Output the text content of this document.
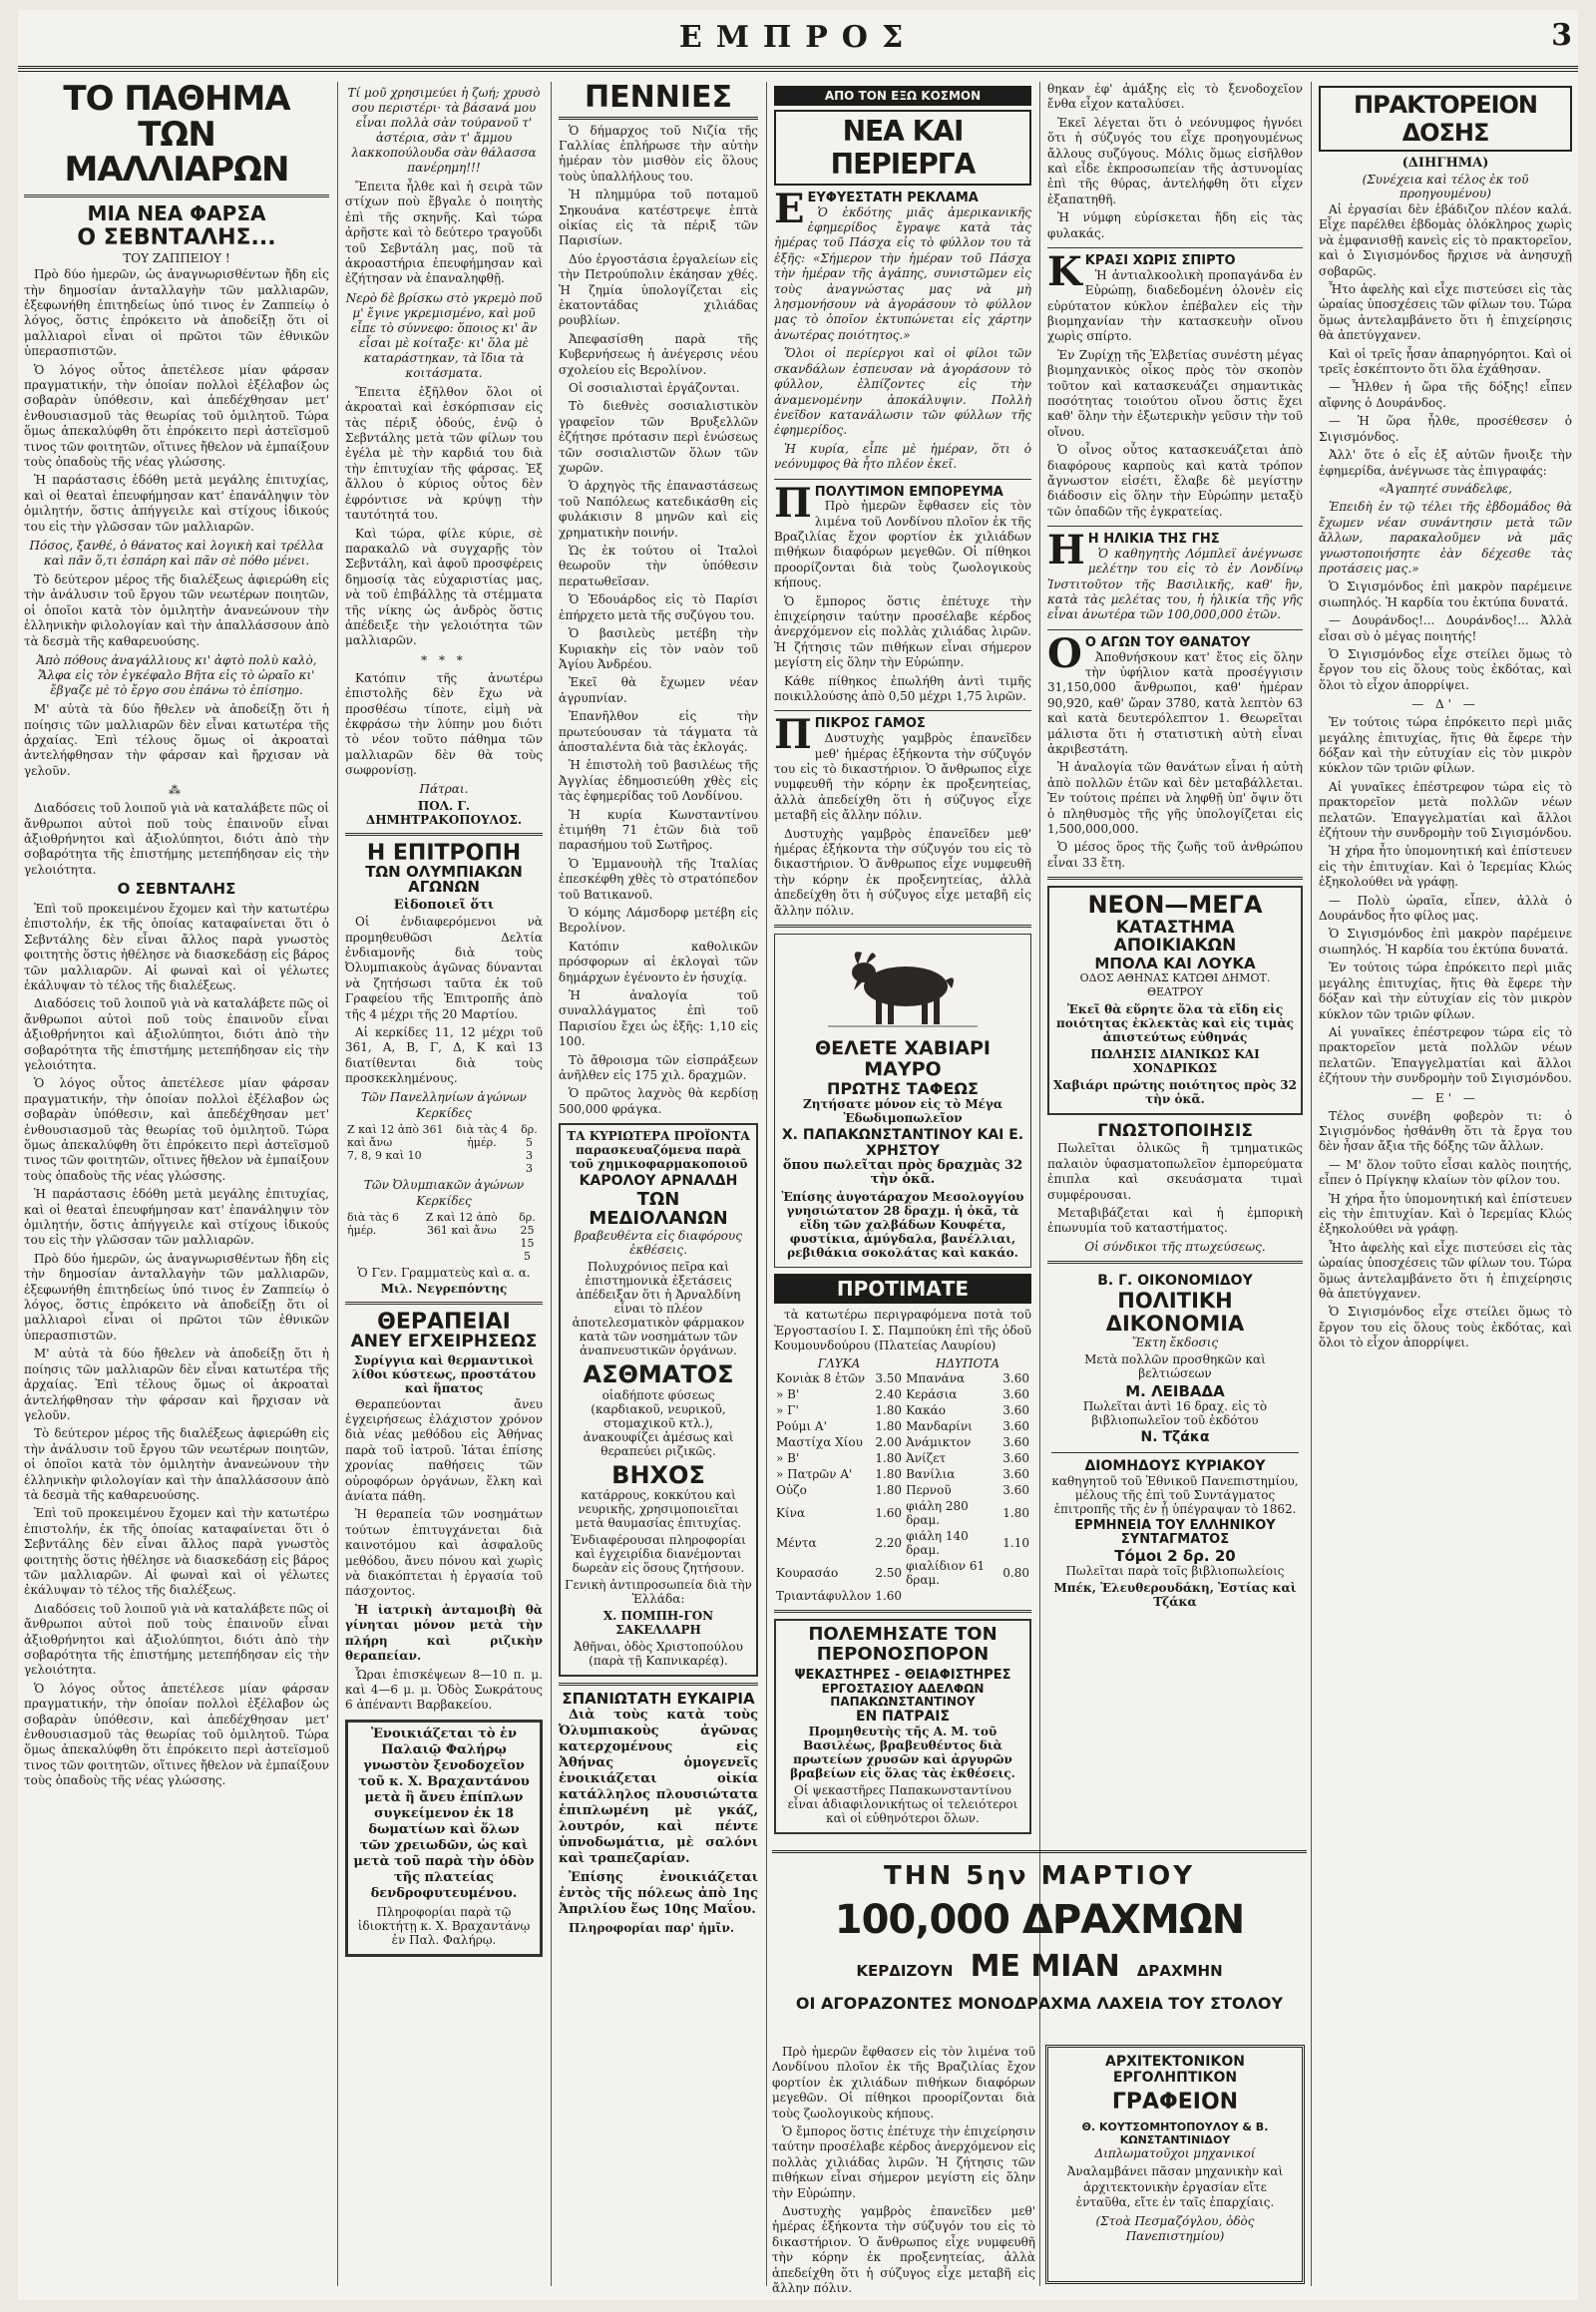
ΕΜΠΡΟΣ	3
ΤΟ ΠΑΘΗΜΑ ΤΩΝ ΜΑΛΛΙΑΡΩΝ
ΜΙΑ ΝΕΑ ΦΑΡΣΑ
Ο ΣΕΒΝΤΑΛΗΣ...
ΤΟΥ ΖΑΠΠΕΙΟΥ !

Πρὸ δύο ἡμερῶν, ὡς ἀναγνωρισθέντων ἤδη εἰς τὴν δημοσίαν ἀνταλλαγὴν τῶν μαλλιαρῶν, ἐξεφωνήθη ἐπιτηδείως ὑπό τινος ἐν Ζαππείῳ ὁ λόγος, ὅστις ἐπρόκειτο νὰ ἀποδείξῃ ὅτι οἱ μαλλιαροὶ εἶναι οἱ πρῶτοι τῶν ἐθνικῶν ὑπερασπιστῶν.

Ὁ λόγος οὗτος ἀπετέλεσε μίαν φάρσαν πραγματικήν, τὴν ὁποίαν πολλοὶ ἐξέλαβον ὡς σοβαρὰν ὑπόθεσιν, καὶ ἀπεδέχθησαν μετ' ἐνθουσιασμοῦ τὰς θεωρίας τοῦ ὁμιλητοῦ. Τώρα ὅμως ἀπεκαλύφθη ὅτι ἐπρόκειτο περὶ ἀστεϊσμοῦ τινος τῶν φοιτητῶν, οἵτινες ἤθελον νὰ ἐμπαίξουν τοὺς ὀπαδοὺς τῆς νέας γλώσσης.

Ἡ παράστασις ἐδόθη μετὰ μεγάλης ἐπιτυχίας, καὶ οἱ θεαταὶ ἐπευφήμησαν κατ' ἐπανάληψιν τὸν ὁμιλητήν, ὅστις ἀπήγγειλε καὶ στίχους ἰδικούς του εἰς τὴν γλῶσσαν τῶν μαλλιαρῶν.

Πόσος, ξανθέ, ὁ θάνατος καὶ λογικὴ καὶ τρέλλα καὶ πᾶν ὅ,τι ἐσπάρη καὶ πᾶν σὲ πόθο μένει.

Τὸ δεύτερον μέρος τῆς διαλέξεως ἀφιερώθη εἰς τὴν ἀνάλυσιν τοῦ ἔργου τῶν νεωτέρων ποιητῶν, οἱ ὁποῖοι κατὰ τὸν ὁμιλητὴν ἀνανεώνουν τὴν ἑλληνικὴν φιλολογίαν καὶ τὴν ἀπαλλάσσουν ἀπὸ τὰ δεσμὰ τῆς καθαρευούσης.

Ἀπὸ πόθους ἀναγάλλιους κι' ἀφτὸ πολὺ καλὸ, Ἄλφα εἰς τὸν ἐγκέφαλο Βῆτα εἰς τὸ ὠραῖο κι' ἔβγαζε μὲ τὸ ἔργο σου ἐπάνω τὸ ἐπίσημο.

Μ' αὐτὰ τὰ δύο ἤθελεν νὰ ἀποδείξῃ ὅτι ἡ ποίησις τῶν μαλλιαρῶν δὲν εἶναι κατωτέρα τῆς ἀρχαίας. Ἐπὶ τέλους ὅμως οἱ ἀκροαταὶ ἀντελήφθησαν τὴν φάρσαν καὶ ἤρχισαν νὰ γελοῦν.

⁂

Διαδόσεις τοῦ λοιποῦ γιὰ νὰ καταλάβετε πῶς οἱ ἄνθρωποι αὐτοὶ ποῦ τοὺς ἐπαινοῦν εἶναι ἀξιοθρήνητοι καὶ ἀξιολύπητοι, διότι ἀπὸ τὴν σοβαρότητα τῆς ἐπιστήμης μετεπήδησαν εἰς τὴν γελοιότητα.

Ο ΣΕΒΝΤΑΛΗΣ

Ἐπὶ τοῦ προκειμένου ἔχομεν καὶ τὴν κατωτέρω ἐπιστολήν, ἐκ τῆς ὁποίας καταφαίνεται ὅτι ὁ Σεβντάλης δὲν εἶναι ἄλλος παρὰ γνωστὸς φοιτητὴς ὅστις ἠθέλησε νὰ διασκεδάσῃ εἰς βάρος τῶν μαλλιαρῶν. Αἱ φωναὶ καὶ οἱ γέλωτες ἐκάλυψαν τὸ τέλος τῆς διαλέξεως.

Διαδόσεις τοῦ λοιποῦ γιὰ νὰ καταλάβετε πῶς οἱ ἄνθρωποι αὐτοὶ ποῦ τοὺς ἐπαινοῦν εἶναι ἀξιοθρήνητοι καὶ ἀξιολύπητοι, διότι ἀπὸ τὴν σοβαρότητα τῆς ἐπιστήμης μετεπήδησαν εἰς τὴν γελοιότητα.

Ὁ λόγος οὗτος ἀπετέλεσε μίαν φάρσαν πραγματικήν, τὴν ὁποίαν πολλοὶ ἐξέλαβον ὡς σοβαρὰν ὑπόθεσιν, καὶ ἀπεδέχθησαν μετ' ἐνθουσιασμοῦ τὰς θεωρίας τοῦ ὁμιλητοῦ. Τώρα ὅμως ἀπεκαλύφθη ὅτι ἐπρόκειτο περὶ ἀστεϊσμοῦ τινος τῶν φοιτητῶν, οἵτινες ἤθελον νὰ ἐμπαίξουν τοὺς ὀπαδοὺς τῆς νέας γλώσσης.

Ἡ παράστασις ἐδόθη μετὰ μεγάλης ἐπιτυχίας, καὶ οἱ θεαταὶ ἐπευφήμησαν κατ' ἐπανάληψιν τὸν ὁμιλητήν, ὅστις ἀπήγγειλε καὶ στίχους ἰδικούς του εἰς τὴν γλῶσσαν τῶν μαλλιαρῶν.

Πρὸ δύο ἡμερῶν, ὡς ἀναγνωρισθέντων ἤδη εἰς τὴν δημοσίαν ἀνταλλαγὴν τῶν μαλλιαρῶν, ἐξεφωνήθη ἐπιτηδείως ὑπό τινος ἐν Ζαππείῳ ὁ λόγος, ὅστις ἐπρόκειτο νὰ ἀποδείξῃ ὅτι οἱ μαλλιαροὶ εἶναι οἱ πρῶτοι τῶν ἐθνικῶν ὑπερασπιστῶν.

Μ' αὐτὰ τὰ δύο ἤθελεν νὰ ἀποδείξῃ ὅτι ἡ ποίησις τῶν μαλλιαρῶν δὲν εἶναι κατωτέρα τῆς ἀρχαίας. Ἐπὶ τέλους ὅμως οἱ ἀκροαταὶ ἀντελήφθησαν τὴν φάρσαν καὶ ἤρχισαν νὰ γελοῦν.

Τὸ δεύτερον μέρος τῆς διαλέξεως ἀφιερώθη εἰς τὴν ἀνάλυσιν τοῦ ἔργου τῶν νεωτέρων ποιητῶν, οἱ ὁποῖοι κατὰ τὸν ὁμιλητὴν ἀνανεώνουν τὴν ἑλληνικὴν φιλολογίαν καὶ τὴν ἀπαλλάσσουν ἀπὸ τὰ δεσμὰ τῆς καθαρευούσης.

Ἐπὶ τοῦ προκειμένου ἔχομεν καὶ τὴν κατωτέρω ἐπιστολήν, ἐκ τῆς ὁποίας καταφαίνεται ὅτι ὁ Σεβντάλης δὲν εἶναι ἄλλος παρὰ γνωστὸς φοιτητὴς ὅστις ἠθέλησε νὰ διασκεδάσῃ εἰς βάρος τῶν μαλλιαρῶν. Αἱ φωναὶ καὶ οἱ γέλωτες ἐκάλυψαν τὸ τέλος τῆς διαλέξεως.

Διαδόσεις τοῦ λοιποῦ γιὰ νὰ καταλάβετε πῶς οἱ ἄνθρωποι αὐτοὶ ποῦ τοὺς ἐπαινοῦν εἶναι ἀξιοθρήνητοι καὶ ἀξιολύπητοι, διότι ἀπὸ τὴν σοβαρότητα τῆς ἐπιστήμης μετεπήδησαν εἰς τὴν γελοιότητα.

Ὁ λόγος οὗτος ἀπετέλεσε μίαν φάρσαν πραγματικήν, τὴν ὁποίαν πολλοὶ ἐξέλαβον ὡς σοβαρὰν ὑπόθεσιν, καὶ ἀπεδέχθησαν μετ' ἐνθουσιασμοῦ τὰς θεωρίας τοῦ ὁμιλητοῦ. Τώρα ὅμως ἀπεκαλύφθη ὅτι ἐπρόκειτο περὶ ἀστεϊσμοῦ τινος τῶν φοιτητῶν, οἵτινες ἤθελον νὰ ἐμπαίξουν τοὺς ὀπαδοὺς τῆς νέας γλώσσης.

Τί μοῦ χρησιμεύει ἡ ζωή; χρυσὸ σου περιστέρι· τὰ βάσανά μου εἶναι πολλὰ σὰν τούρανοῦ τ' ἀστέρια, σὰν τ' ἄμμου λακκοπούλουδα σὰν θάλασσα πανέρημη!!!

Ἔπειτα ἦλθε καὶ ἡ σειρὰ τῶν στίχων ποὺ ἔβγαλε ὁ ποιητὴς ἐπὶ τῆς σκηνῆς. Καὶ τώρα ἀρῆστε καὶ τὸ δεύτερο τραγοῦδι τοῦ Σεβντάλη μας, ποῦ τὰ ἀκροαστήρια ἐπευφήμησαν καὶ ἐζήτησαν νὰ ἐπαναληφθῇ.

Νερὸ δὲ βρίσκω στὸ γκρεμὸ ποῦ μ' ἔγινε γκρεμισμένο, καὶ μοῦ εἶπε τὸ σύννεφο: ὅποιος κι' ἂν εἶσαι μὲ κοίταξε· κι' ὅλα μὲ καταράστηκαν, τὰ ἴδια τὰ κοιτάσματα.

Ἔπειτα ἐξῆλθον ὅλοι οἱ ἀκροαταὶ καὶ ἐσκόρπισαν εἰς τὰς πέριξ ὁδούς, ἐνῷ ὁ Σεβντάλης μετὰ τῶν φίλων του ἐγέλα μὲ τὴν καρδιά του διὰ τὴν ἐπιτυχίαν τῆς φάρσας. Ἐξ ἄλλου ὁ κύριος οὗτος δὲν ἐφρόντισε νὰ κρύψῃ τὴν ταυτότητά του.

Καὶ τώρα, φίλε κύριε, σὲ παρακαλῶ νὰ συγχαρῇς τὸν Σεβντάλη, καὶ ἀφοῦ προσφέρεις δημοσίᾳ τὰς εὐχαριστίας μας, νὰ τοῦ ἐπιβάλλῃς τὰ στέμματα τῆς νίκης ὡς ἀνδρὸς ὅστις ἀπέδειξε τὴν γελοιότητα τῶν μαλλιαρῶν.

* * *

Κατόπιν τῆς ἀνωτέρω ἐπιστολῆς δὲν ἔχω νὰ προσθέσω τίποτε, εἰμὴ νὰ ἐκφράσω τὴν λύπην μου διότι τὸ νέον τοῦτο πάθημα τῶν μαλλιαρῶν δὲν θὰ τοὺς σωφρονίσῃ.

Πάτραι.
ΠΟΛ. Γ. ΔΗΜΗΤΡΑΚΟΠΟΥΛΟΣ.
Η ΕΠΙΤΡΟΠΗ
ΤΩΝ ΟΛΥΜΠΙΑΚΩΝ ΑΓΩΝΩΝ
Εἰδοποιεῖ ὅτι

Οἱ ἐνδιαφερόμενοι νὰ προμηθευθῶσι Δελτία ἐνδιαμονῆς διὰ τοὺς Ὀλυμπιακοὺς ἀγῶνας δύνανται νὰ ζητήσωσι ταῦτα ἐκ τοῦ Γραφείου τῆς Ἐπιτροπῆς ἀπὸ τῆς 4 μέχρι τῆς 20 Μαρτίου.

Αἱ κερκίδες 11, 12 μέχρι τοῦ 361, Α, Β, Γ, Δ, Κ καὶ 13 διατίθενται διὰ τοὺς προσκεκλημένους.

Τῶν Πανελληνίων ἀγώνων
Κερκίδες
Ζ καὶ 12 ἀπὸ 361 καὶ ἄνω	διὰ τὰς 4 ἡμέρ.	δρ. 5
7, 8, 9 καὶ 10		3
		3
Τῶν Ὀλυμπιακῶν ἀγώνων
Κερκίδες
διὰ τὰς 6 ἡμέρ.	Ζ καὶ 12 ἀπὸ 361 καὶ ἄνω	δρ. 25
		15
		5
Ὁ Γεν. Γραμματεὺς καὶ α. α.
Μιλ. Νεγρεπόντης
ΘΕΡΑΠΕΙΑΙ
ΑΝΕΥ ΕΓΧΕΙΡΗΣΕΩΣ
Συρίγγια καὶ θερμαντικοὶ λίθοι κύστεως, προστάτου καὶ ἥπατος

Θεραπεύονται ἄνευ ἐγχειρήσεως ἐλάχιστον χρόνον διὰ νέας μεθόδου εἰς Ἀθήνας παρὰ τοῦ ἰατροῦ. Ἰάται ἐπίσης χρονίας παθήσεις τῶν οὐροφόρων ὀργάνων, ἕλκη καὶ ἀνίατα πάθη.

Ἡ θεραπεία τῶν νοσημάτων τούτων ἐπιτυγχάνεται διὰ καινοτόμου καὶ ἀσφαλοῦς μεθόδου, ἄνευ πόνου καὶ χωρὶς νὰ διακόπτεται ἡ ἐργασία τοῦ πάσχοντος.

Ἡ ἰατρικὴ ἀνταμοιβὴ θὰ γίνηται μόνον μετὰ τὴν πλήρη καὶ ριζικὴν θεραπείαν.

Ὧραι ἐπισκέψεων 8—10 π. μ. καὶ 4—6 μ. μ. Ὁδὸς Σωκράτους 6 ἀπέναντι Βαρβακείου.

Ἐνοικιάζεται τὸ ἐν Παλαιῷ Φαλήρῳ γνωστὸν ξενοδοχεῖον τοῦ κ. Χ. Βραχαντάνου μετὰ ἢ ἄνευ ἐπίπλων συγκείμενον ἐκ 18 δωματίων καὶ ὅλων τῶν χρειωδῶν, ὡς καὶ μετὰ τοῦ παρὰ τὴν ὁδὸν τῆς πλατείας δενδροφυτευμένου.

Πληροφορίαι παρὰ τῷ ἰδιοκτήτῃ κ. Χ. Βραχαντάνῳ ἐν Παλ. Φαλήρῳ.

ΠΕΝΝΙΕΣ

Ὁ δήμαρχος τοῦ Νιζία τῆς Γαλλίας ἐπλήρωσε τὴν αὐτὴν ἡμέραν τὸν μισθὸν εἰς ὅλους τοὺς ὑπαλλήλους του.

Ἡ πλημμύρα τοῦ ποταμοῦ Σηκουάνα κατέστρεψε ἑπτὰ οἰκίας εἰς τὰ πέριξ τῶν Παρισίων.

Δύο ἐργοστάσια ἐργαλείων εἰς τὴν Πετρούπολιν ἐκάησαν χθές. Ἡ ζημία ὑπολογίζεται εἰς ἑκατοντάδας χιλιάδας ρουβλίων.

Ἀπεφασίσθη παρὰ τῆς Κυβερνήσεως ἡ ἀνέγερσις νέου σχολείου εἰς Βερολίνον.

Οἱ σοσιαλισταὶ ἐργάζονται.

Τὸ διεθνὲς σοσιαλιστικὸν γραφεῖον τῶν Βρυξελλῶν ἐζήτησε πρότασιν περὶ ἑνώσεως τῶν σοσιαλιστῶν ὅλων τῶν χωρῶν.

Ὁ ἀρχηγὸς τῆς ἐπαναστάσεως τοῦ Ναπόλεως κατεδικάσθη εἰς φυλάκισιν 8 μηνῶν καὶ εἰς χρηματικὴν ποινήν.

Ὡς ἐκ τούτου οἱ Ἰταλοὶ θεωροῦν τὴν ὑπόθεσιν περατωθεῖσαν.

Ὁ Ἐδουάρδος εἰς τὸ Παρίσι ἐπήρχετο μετὰ τῆς συζύγου του.

Ὁ βασιλεὺς μετέβη τὴν Κυριακὴν εἰς τὸν ναὸν τοῦ Ἁγίου Ἀνδρέου.

Ἐκεῖ θὰ ἔχωμεν νέαν ἀγρυπνίαν.

Ἐπανῆλθον εἰς τὴν πρωτεύουσαν τὰ τάγματα τὰ ἀποσταλέντα διὰ τὰς ἐκλογάς.

Ἡ ἐπιστολὴ τοῦ βασιλέως τῆς Ἀγγλίας ἐδημοσιεύθη χθὲς εἰς τὰς ἐφημερίδας τοῦ Λονδίνου.

Ἡ κυρία Κωνσταντίνου ἐτιμήθη 71 ἐτῶν διὰ τοῦ παρασήμου τοῦ Σωτῆρος.

Ὁ Ἐμμανουὴλ τῆς Ἰταλίας ἐπεσκέφθη χθὲς τὸ στρατόπεδον τοῦ Βατικανοῦ.

Ὁ κόμης Λάμσδορφ μετέβη εἰς Βερολίνον.

Κατόπιν καθολικῶν πρόσφορων αἱ ἐκλογαὶ τῶν δημάρχων ἐγένοντο ἐν ἡσυχίᾳ.

Ἡ ἀναλογία τοῦ συναλλάγματος ἐπὶ τοῦ Παρισίου ἔχει ὡς ἑξῆς: 1,10 εἰς 100.

Τὸ ἄθροισμα τῶν εἰσπράξεων ἀνῆλθεν εἰς 175 χιλ. δραχμῶν.

Ὁ πρῶτος λαχνὸς θὰ κερδίσῃ 500,000 φράγκα.

ΤΑ ΚΥΡΙΩΤΕΡΑ ΠΡΟΪΟΝΤΑ παρασκευαζόμενα παρὰ τοῦ χημικοφαρμακοποιοῦ

ΚΑΡΟΛΟΥ ΑΡΝΑΛΔΗ
ΤΩΝ ΜΕΔΙΟΛΑΝΩΝ

βραβευθέντα εἰς διαφόρους ἐκθέσεις.

Πολυχρόνιος πεῖρα καὶ ἐπιστημονικὰ ἐξετάσεις ἀπέδειξαν ὅτι ἡ Ἀρναλδίνη εἶναι τὸ πλέον ἀποτελεσματικὸν φάρμακον κατὰ τῶν νοσημάτων τῶν ἀναπνευστικῶν ὀργάνων.

ΑΣΘΜΑΤΟΣ

οἱαδήποτε φύσεως (καρδιακοῦ, νευρικοῦ, στομαχικοῦ κτλ.), ἀνακουφίζει ἀμέσως καὶ θεραπεύει ριζικῶς.

ΒΗΧΟΣ

κατάρρους, κοκκύτου καὶ νευρικῆς, χρησιμοποιεῖται μετὰ θαυμασίας ἐπιτυχίας.

Ἐνδιαφέρουσαι πληροφορίαι καὶ ἐγχειρίδια διανέμονται δωρεὰν εἰς ὅσους ζητήσουν.

Γενικὴ ἀντιπροσωπεία διὰ τὴν Ἑλλάδα:

Χ. ΠΟΜΠΗ-ΓΟΝ ΣΑΚΕΛΛΑΡΗ

Ἀθῆναι, ὁδὸς Χριστοπούλου (παρὰ τῇ Καπνικαρέᾳ).

ΣΠΑΝΙΩΤΑΤΗ ΕΥΚΑΙΡΙΑ

Διὰ τοὺς κατὰ τοὺς Ὀλυμπιακοὺς ἀγῶνας κατερχομένους εἰς Ἀθήνας ὁμογενεῖς ἐνοικιάζεται οἰκία κατάλληλος πλουσιώτατα ἐπιπλωμένη μὲ γκάζ, λουτρόν, καὶ πέντε ὑπνοδωμάτια, μὲ σαλόνι καὶ τραπεζαρίαν.

Ἐπίσης ἐνοικιάζεται ἐντὸς τῆς πόλεως ἀπὸ 1ης Ἀπριλίου ἕως 10ης Μαΐου.

Πληροφορίαι παρ' ἡμῖν.

ΑΠΟ ΤΟΝ ΕΞΩ ΚΟΣΜΟΝ
ΝΕΑ ΚΑΙ ΠΕΡΙΕΡΓΑ
ΕΕΥΦΥΕΣΤΑΤΗ ΡΕΚΛΑΜΑ

Ὁ ἐκδότης μιᾶς ἀμερικανικῆς ἐφημερίδος ἔγραψε κατὰ τὰς ἡμέρας τοῦ Πάσχα εἰς τὸ φύλλον του τὰ ἑξῆς: «Σήμερον τὴν ἡμέραν τοῦ Πάσχα τὴν ἡμέραν τῆς ἀγάπης, συνιστῶμεν εἰς τοὺς ἀναγνώστας μας νὰ μὴ λησμονήσουν νὰ ἀγοράσουν τὸ φύλλον μας τὸ ὁποῖον ἐκτυπώνεται εἰς χάρτην ἀνωτέρας ποιότητος.»

Ὅλοι οἱ περίεργοι καὶ οἱ φίλοι τῶν σκανδάλων ἐσπευσαν νὰ ἀγοράσουν τὸ φύλλον, ἐλπίζοντες εἰς τὴν ἀναμενομένην ἀποκάλυψιν. Πολλὴ ἐνεῖδον κατανάλωσιν τῶν φύλλων τῆς ἐφημερίδος.

Ἡ κυρία, εἶπε μὲ ἡμέραν, ὅτι ὁ νεόνυμφος θὰ ἦτο πλέον ἐκεῖ.

ΠΠΟΛΥΤΙΜΟΝ ΕΜΠΟΡΕΥΜΑ

Πρὸ ἡμερῶν ἔφθασεν εἰς τὸν λιμένα τοῦ Λονδίνου πλοῖον ἐκ τῆς Βραζιλίας ἔχον φορτίον ἐκ χιλιάδων πιθήκων διαφόρων μεγεθῶν. Οἱ πίθηκοι προορίζονται διὰ τοὺς ζωολογικοὺς κήπους.

Ὁ ἔμπορος ὅστις ἐπέτυχε τὴν ἐπιχείρησιν ταύτην προσέλαβε κέρδος ἀνερχόμενον εἰς πολλὰς χιλιάδας λιρῶν. Ἡ ζήτησις τῶν πιθήκων εἶναι σήμερον μεγίστη εἰς ὅλην τὴν Εὐρώπην.

Κάθε πίθηκος ἐπωλήθη ἀντὶ τιμῆς ποικιλλούσης ἀπὸ 0,50 μέχρι 1,75 λιρῶν.

ΠΠΙΚΡΟΣ ΓΑΜΟΣ

Δυστυχὴς γαμβρὸς ἐπανεῖδεν μεθ' ἡμέρας ἑξήκοντα τὴν σύζυγόν του εἰς τὸ δικαστήριον. Ὁ ἄνθρωπος εἶχε νυμφευθῆ τὴν κόρην ἐκ προξενητείας, ἀλλὰ ἀπεδείχθη ὅτι ἡ σύζυγος εἶχε μεταβῆ εἰς ἄλλην πόλιν.

Δυστυχὴς γαμβρὸς ἐπανεῖδεν μεθ' ἡμέρας ἑξήκοντα τὴν σύζυγόν του εἰς τὸ δικαστήριον. Ὁ ἄνθρωπος εἶχε νυμφευθῆ τὴν κόρην ἐκ προξενητείας, ἀλλὰ ἀπεδείχθη ὅτι ἡ σύζυγος εἶχε μεταβῆ εἰς ἄλλην πόλιν.

ΘΕΛΕΤΕ ΧΑΒΙΑΡΙ ΜΑΥΡΟ
ΠΡΩΤΗΣ ΤΑΦΕΩΣ

Ζητήσατε μόνον εἰς τὸ Μέγα Ἐδωδιμοπωλεῖον

Χ. ΠΑΠΑΚΩΝΣΤΑΝΤΙΝΟΥ ΚΑΙ Ε. ΧΡΗΣΤΟΥ

ὅπου πωλεῖται πρὸς δραχμὰς 32 τὴν ὀκᾶ.

Ἐπίσης ἀυγοτάραχον Μεσολογγίου γνησιώτατον 28 δραχμ. ἡ ὀκᾶ, τὰ εἴδη τῶν χαλβάδων Κουφέτα, φυστίκια, ἀμύγδαλα, βανέλλιαι, ρεβιθάκια σοκολάτας καὶ κακάο.

ΠΡΟΤΙΜΑΤΕ

τὰ κατωτέρω περιγραφόμενα ποτὰ τοῦ Ἐργοστασίου Ι. Σ. Παμπούκη ἐπὶ τῆς ὁδοῦ Κουμουνδούρου (Πλατείας Λαυρίου)

ΓΛΥΚΑ		ΗΔΥΠΟΤΑ	
Κονιὰκ 8 ἐτῶν	3.50	Μπανάνα	3.60
» Β'	2.40	Κεράσια	3.60
» Γ'	1.80	Κακάο	3.60
Ρούμι Α'	1.80	Μανδαρίνι	3.60
Μαστίχα Χίου	2.00	Ἀνάμικτον	3.60
» Β'	1.80	Ἀνίζετ	3.60
» Πατρῶν Α'	1.80	Βανίλια	3.60
Οὐζο	1.80	Περνοῦ	3.60
Κίνα	1.60	φιάλη 280 δραμ.	1.80
Μέντα	2.20	φιάλη 140 δραμ.	1.10
Κουρασάο	2.50	φιαλίδιον 61 δραμ.	0.80
Τριαντάφυλλον	1.60		
ΠΟΛΕΜΗΣΑΤΕ ΤΟΝ ΠΕΡΟΝΟΣΠΟΡΟΝ
ΨΕΚΑΣΤΗΡΕΣ - ΘΕΙΑΦΙΣΤΗΡΕΣ
ΕΡΓΟΣΤΑΣΙΟΥ ΑΔΕΛΦΩΝ ΠΑΠΑΚΩΝΣΤΑΝΤΙΝΟΥ
ΕΝ ΠΑΤΡΑΙΣ

Προμηθευτὴς τῆς Α. Μ. τοῦ Βασιλέως, βραβευθέντος διὰ πρωτείων χρυσῶν καὶ ἀργυρῶν βραβείων εἰς ὅλας τὰς ἐκθέσεις.

Οἱ ψεκαστῆρες Παπακωνσταντίνου εἶναι ἀδιαφιλονικήτως οἱ τελειότεροι καὶ οἱ εὐθηνότεροι ὅλων.

θηκαν ἐφ' ἁμάξης εἰς τὸ ξενοδοχεῖον ἔνθα εἶχον καταλύσει.

Ἐκεῖ λέγεται ὅτι ὁ νεόνυμφος ἠγνόει ὅτι ἡ σύζυγός του εἶχε προηγουμένως ἄλλους συζύγους. Μόλις ὅμως εἰσῆλθον καὶ εἶδε ἐκπροσωπείαν τῆς ἀστυνομίας ἐπὶ τῆς θύρας, ἀντελήφθη ὅτι εἶχεν ἐξαπατηθῆ.

Ἡ νύμφη εὑρίσκεται ἤδη εἰς τὰς φυλακάς.

ΚΚΡΑΣΙ ΧΩΡΙΣ ΣΠΙΡΤΟ

Ἡ ἀντιαλκοολικὴ προπαγάνδα ἐν Εὐρώπῃ, διαδεδομένη ὁλονὲν εἰς εὐρύτατον κύκλον ἐπέβαλεν εἰς τὴν βιομηχανίαν τὴν κατασκευὴν οἴνου χωρὶς σπίρτο.

Ἐν Ζυρίχῃ τῆς Ἑλβετίας συνέστη μέγας βιομηχανικὸς οἶκος πρὸς τὸν σκοπὸν τοῦτον καὶ κατασκευάζει σημαντικὰς ποσότητας τοιούτου οἴνου ὅστις ἔχει καθ' ὅλην τὴν ἐξωτερικὴν γεῦσιν τὴν τοῦ οἴνου.

Ὁ οἶνος οὗτος κατασκευάζεται ἀπὸ διαφόρους καρποὺς καὶ κατὰ τρόπον ἄγνωστον εἰσέτι, ἔλαβε δὲ μεγίστην διάδοσιν εἰς ὅλην τὴν Εὐρώπην μεταξὺ τῶν ὀπαδῶν τῆς ἐγκρατείας.

Η Η ΗΛΙΚΙΑ ΤΗΣ ΓΗΣ

Ὁ καθηγητὴς Λόμπλεϊ ἀνέγνωσε μελέτην του εἰς τὸ ἐν Λονδίνῳ Ἰνστιτοῦτον τῆς Βασιλικῆς, καθ' ἣν, κατὰ τὰς μελέτας του, ἡ ἡλικία τῆς γῆς εἶναι ἀνωτέρα τῶν 100,000,000 ἐτῶν.

Ο Ο ΑΓΩΝ ΤΟΥ ΘΑΝΑΤΟΥ

Ἀποθνήσκουν κατ' ἔτος εἰς ὅλην τὴν ὑφήλιον κατὰ προσέγγισιν 31,150,000 ἄνθρωποι, καθ' ἡμέραν 90,920, καθ' ὥραν 3780, κατὰ λεπτὸν 63 καὶ κατὰ δευτερόλεπτον 1. Θεωρεῖται μάλιστα ὅτι ἡ στατιστικὴ αὐτὴ εἶναι ἀκριβεστάτη.

Ἡ ἀναλογία τῶν θανάτων εἶναι ἡ αὐτὴ ἀπὸ πολλῶν ἐτῶν καὶ δὲν μεταβάλλεται. Ἐν τούτοις πρέπει νὰ ληφθῇ ὑπ' ὄψιν ὅτι ὁ πληθυσμὸς τῆς γῆς ὑπολογίζεται εἰς 1,500,000,000.

Ὁ μέσος ὅρος τῆς ζωῆς τοῦ ἀνθρώπου εἶναι 33 ἔτη.

ΝΕΟΝ—ΜΕΓΑ
ΚΑΤΑΣΤΗΜΑ ΑΠΟΙΚΙΑΚΩΝ
ΜΠΟΛΑ ΚΑΙ ΛΟΥΚΑ

ΟΔΟΣ ΑΘΗΝΑΣ ΚΑΤΩΘΙ ΔΗΜΟΤ. ΘΕΑΤΡΟΥ

Ἐκεῖ θὰ εὕρητε ὅλα τὰ εἴδη εἰς ποιότητας ἐκλεκτὰς καὶ εἰς τιμὰς ἀπιστεύτως εὐθηνάς

ΠΩΛΗΣΙΣ ΔΙΑΝΙΚΩΣ ΚΑΙ ΧΟΝΔΡΙΚΩΣ

Χαβιάρι πρώτης ποιότητος πρὸς 32 τὴν ὀκᾶ.

ΓΝΩΣΤΟΠΟΙΗΣΙΣ

Πωλεῖται ὁλικῶς ἢ τμηματικῶς παλαιὸν ὑφασματοπωλεῖον ἐμπορεύματα ἐπιπλα καὶ σκευάσματα τιμαὶ συμφέρουσαι.

Μεταβιβάζεται καὶ ἡ ἐμπορικὴ ἐπωνυμία τοῦ καταστήματος.

Οἱ σύνδικοι τῆς πτωχεύσεως.

Β. Γ. ΟΙΚΟΝΟΜΙΔΟΥ
ΠΟΛΙΤΙΚΗ ΔΙΚΟΝΟΜΙΑ

Ἕκτη ἔκδοσις

Μετὰ πολλῶν προσθηκῶν καὶ βελτιώσεων

Μ. ΛΕΙΒΑΔΑ

Πωλεῖται ἀντὶ 16 δραχ. εἰς τὸ βιβλιοπωλεῖον τοῦ ἐκδότου

Ν. Τζάκα
ΔΙΟΜΗΔΟΥΣ ΚΥΡΙΑΚΟΥ

καθηγητοῦ τοῦ Ἐθνικοῦ Πανεπιστημίου, μέλους τῆς ἐπὶ τοῦ Συντάγματος ἐπιτροπῆς τῆς ἐν ᾗ ὑπέγραψαν τὸ 1862.

ΕΡΜΗΝΕΙΑ ΤΟΥ ΕΛΛΗΝΙΚΟΥ ΣΥΝΤΑΓΜΑΤΟΣ
Τόμοι 2 δρ. 20

Πωλεῖται παρὰ τοῖς βιβλιοπωλείοις

Μπέκ, Ἐλευθερουδάκη, Ἑστίας καὶ Τζάκα

ΤΗΝ 5ην ΜΑΡΤΙΟΥ
100,000 ΔΡΑΧΜΩΝ
ΚΕΡΔΙΖΟΥΝ ΜΕ ΜΙΑΝ ΔΡΑΧΜΗΝ
ΟΙ ΑΓΟΡΑΖΟΝΤΕΣ ΜΟΝΟΔΡΑΧΜΑ ΛΑΧΕΙΑ ΤΟΥ ΣΤΟΛΟΥ
ΑΡΧΙΤΕΚΤΟΝΙΚΟΝ ΕΡΓΟΛΗΠΤΙΚΟΝ
ΓΡΑΦΕΙΟΝ
Θ. ΚΟΥΤΣΟΜΗΤΟΠΟΥΛΟΥ & Β. ΚΩΝΣΤΑΝΤΙΝΙΔΟΥ

Διπλωματοῦχοι μηχανικοί

Ἀναλαμβάνει πᾶσαν μηχανικὴν καὶ ἀρχιτεκτονικὴν ἐργασίαν εἴτε ἐνταῦθα, εἴτε ἐν ταῖς ἐπαρχίαις.

(Στοὰ Πεσμαζόγλου, ὁδὸς Πανεπιστημίου)

Πρὸ ἡμερῶν ἔφθασεν εἰς τὸν λιμένα τοῦ Λονδίνου πλοῖον ἐκ τῆς Βραζιλίας ἔχον φορτίον ἐκ χιλιάδων πιθήκων διαφόρων μεγεθῶν. Οἱ πίθηκοι προορίζονται διὰ τοὺς ζωολογικοὺς κήπους.

Ὁ ἔμπορος ὅστις ἐπέτυχε τὴν ἐπιχείρησιν ταύτην προσέλαβε κέρδος ἀνερχόμενον εἰς πολλὰς χιλιάδας λιρῶν. Ἡ ζήτησις τῶν πιθήκων εἶναι σήμερον μεγίστη εἰς ὅλην τὴν Εὐρώπην.

Δυστυχὴς γαμβρὸς ἐπανεῖδεν μεθ' ἡμέρας ἑξήκοντα τὴν σύζυγόν του εἰς τὸ δικαστήριον. Ὁ ἄνθρωπος εἶχε νυμφευθῆ τὴν κόρην ἐκ προξενητείας, ἀλλὰ ἀπεδείχθη ὅτι ἡ σύζυγος εἶχε μεταβῆ εἰς ἄλλην πόλιν.

ΠΡΑΚΤΟΡΕΙΟΝ ΔΟΣΗΣ
(ΔΙΗΓΗΜΑ)
(Συνέχεια καὶ τέλος ἐκ τοῦ προηγουμένου)

Αἱ ἐργασίαι δὲν ἐβάδιζον πλέον καλά. Εἶχε παρέλθει ἑβδομὰς ὁλόκληρος χωρὶς νὰ ἐμφανισθῇ κανεὶς εἰς τὸ πρακτορεῖον, καὶ ὁ Σιγισμόνδος ἤρχισε νὰ ἀνησυχῇ σοβαρῶς.

Ἦτο ἀφελὴς καὶ εἶχε πιστεύσει εἰς τὰς ὡραίας ὑποσχέσεις τῶν φίλων του. Τώρα ὅμως ἀντελαμβάνετο ὅτι ἡ ἐπιχείρησις θὰ ἀπετύγχανεν.

Καὶ οἱ τρεῖς ἦσαν ἀπαρηγόρητοι. Καὶ οἱ τρεῖς ἐσκέπτοντο ὅτι ὅλα ἐχάθησαν.

— Ἦλθεν ἡ ὥρα τῆς δόξης! εἶπεν αἴφνης ὁ Δουράνδος.

— Ἡ ὥρα ἦλθε, προσέθεσεν ὁ Σιγισμόνδος.

Ἀλλ' ὅτε ὁ εἷς ἐξ αὐτῶν ἤνοιξε τὴν ἐφημερίδα, ἀνέγνωσε τὰς ἐπιγραφάς:

«Ἀγαπητέ συνάδελφε,

Ἐπειδὴ ἐν τῷ τέλει τῆς ἑβδομάδος θὰ ἔχωμεν νέαν συνάντησιν μετὰ τῶν ἄλλων, παρακαλοῦμεν νὰ μᾶς γνωστοποιήσητε ἐὰν δέχεσθε τὰς προτάσεις μας.»

Ὁ Σιγισμόνδος ἐπὶ μακρὸν παρέμεινε σιωπηλός. Ἡ καρδία του ἐκτύπα δυνατά.

— Δουράνδος!... Δουράνδος!... Ἀλλὰ εἶσαι σὺ ὁ μέγας ποιητής!

Ὁ Σιγισμόνδος εἶχε στείλει ὅμως τὸ ἔργον του εἰς ὅλους τοὺς ἐκδότας, καὶ ὅλοι τὸ εἶχον ἀπορρίψει.

— Δ' —

Ἐν τούτοις τώρα ἐπρόκειτο περὶ μιᾶς μεγάλης ἐπιτυχίας, ἥτις θὰ ἔφερε τὴν δόξαν καὶ τὴν εὐτυχίαν εἰς τὸν μικρὸν κύκλον τῶν τριῶν φίλων.

Αἱ γυναῖκες ἐπέστρεφον τώρα εἰς τὸ πρακτορεῖον μετὰ πολλῶν νέων πελατῶν. Ἐπαγγελματίαι καὶ ἄλλοι ἐζήτουν τὴν συνδρομὴν τοῦ Σιγισμόνδου.

Ἡ χήρα ἦτο ὑπομονητική καὶ ἐπίστευεν εἰς τὴν ἐπιτυχίαν. Καὶ ὁ Ἰερεμίας Κλώς ἐξηκολούθει νὰ γράφῃ.

— Πολὺ ὡραῖα, εἶπεν, ἀλλὰ ὁ Δουράνδος ἦτο φίλος μας.

Ὁ Σιγισμόνδος ἐπὶ μακρὸν παρέμεινε σιωπηλός. Ἡ καρδία του ἐκτύπα δυνατά.

Ἐν τούτοις τώρα ἐπρόκειτο περὶ μιᾶς μεγάλης ἐπιτυχίας, ἥτις θὰ ἔφερε τὴν δόξαν καὶ τὴν εὐτυχίαν εἰς τὸν μικρὸν κύκλον τῶν τριῶν φίλων.

Αἱ γυναῖκες ἐπέστρεφον τώρα εἰς τὸ πρακτορεῖον μετὰ πολλῶν νέων πελατῶν. Ἐπαγγελματίαι καὶ ἄλλοι ἐζήτουν τὴν συνδρομὴν τοῦ Σιγισμόνδου.

— Ε' —

Τέλος συνέβη φοβερὸν τι: ὁ Σιγισμόνδος ἠσθάνθη ὅτι τὰ ἔργα του δὲν ἦσαν ἄξια τῆς δόξης τῶν ἄλλων.

— Μ' ὅλον τοῦτο εἶσαι καλὸς ποιητής, εἶπεν ὁ Πρίγκηψ κλαίων τὸν φίλον του.

Ἡ χήρα ἦτο ὑπομονητική καὶ ἐπίστευεν εἰς τὴν ἐπιτυχίαν. Καὶ ὁ Ἰερεμίας Κλώς ἐξηκολούθει νὰ γράφῃ.

Ἦτο ἀφελὴς καὶ εἶχε πιστεύσει εἰς τὰς ὡραίας ὑποσχέσεις τῶν φίλων του. Τώρα ὅμως ἀντελαμβάνετο ὅτι ἡ ἐπιχείρησις θὰ ἀπετύγχανεν.

Ὁ Σιγισμόνδος εἶχε στείλει ὅμως τὸ ἔργον του εἰς ὅλους τοὺς ἐκδότας, καὶ ὅλοι τὸ εἶχον ἀπορρίψει.
